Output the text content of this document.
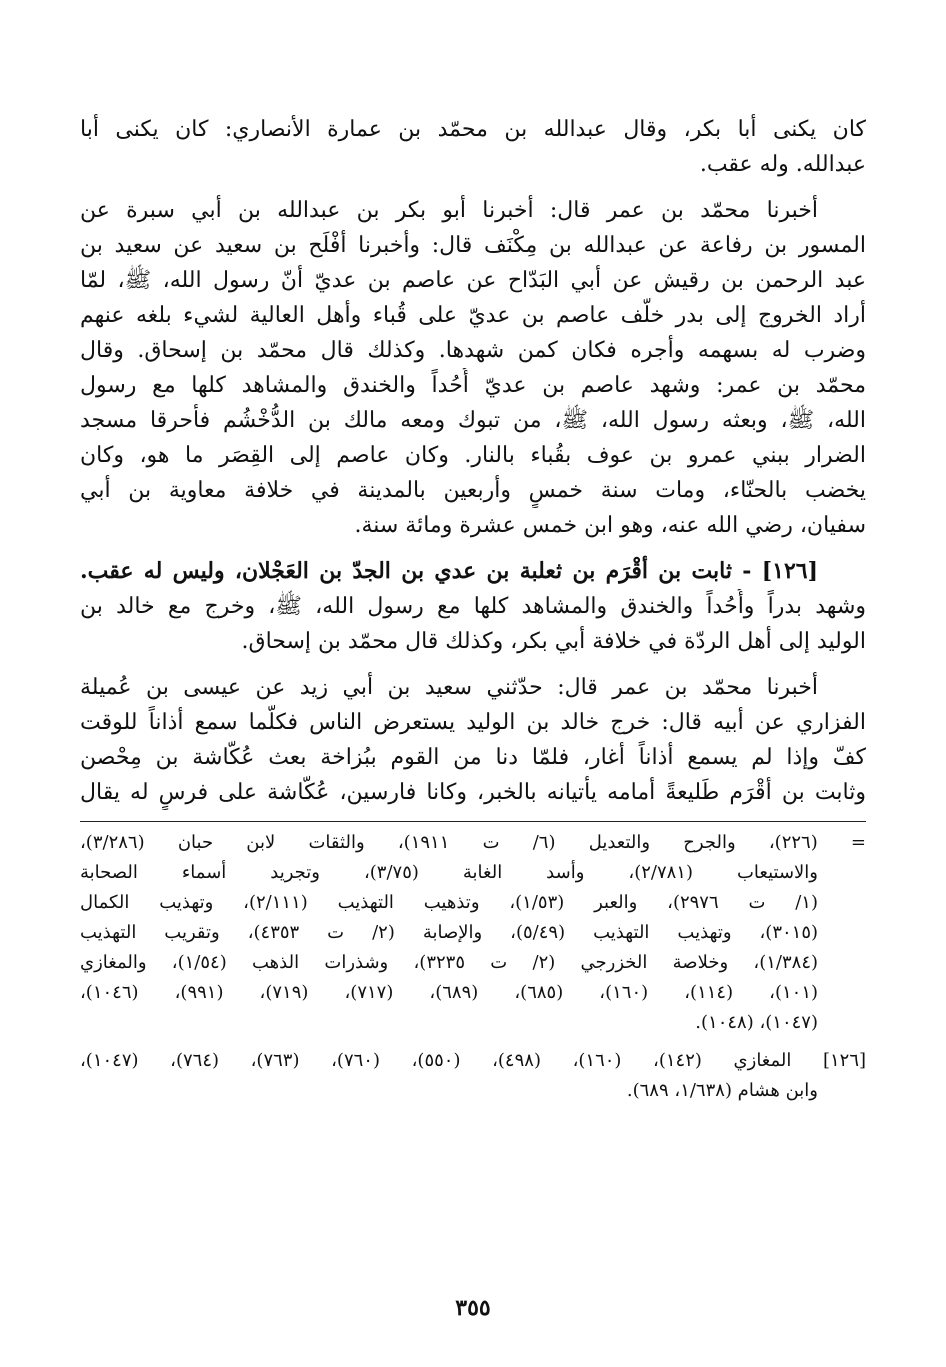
كان يكنى أبا بكر، وقال عبدالله بن محمّد بن عمارة الأنصاري: كان يكنى أبا
عبدالله. وله عقب.
أخبرنا محمّد بن عمر قال: أخبرنا أبو بكر بن عبدالله بن أبي سبرة عن
المسور بن رفاعة عن عبدالله بن مِكْنَف قال: وأخبرنا أفْلَح بن سعيد عن سعيد بن
عبد الرحمن بن رقيش عن أبي البَدّاح عن عاصم بن عديّ أنّ رسول الله، ﷺ، لمّا
أراد الخروج إلى بدر خلّف عاصم بن عديّ على قُباء وأهل العالية لشيء بلغه عنهم
وضرب له بسهمه وأجره فكان كمن شهدها. وكذلك قال محمّد بن إسحاق. وقال
محمّد بن عمر: وشهد عاصم بن عديّ أُحُداً والخندق والمشاهد كلها مع رسول
الله، ﷺ، وبعثه رسول الله، ﷺ، من تبوك ومعه مالك بن الدُّخْشُم فأحرقا مسجد
الضرار ببني عمرو بن عوف بقُباء بالنار. وكان عاصم إلى القِصَر ما هو، وكان
يخضب بالحنّاء، ومات سنة خمسٍ وأربعين بالمدينة في خلافة معاوية بن أبي
سفيان، رضي الله عنه، وهو ابن خمس عشرة ومائة سنة.
[١٢٦] - ثابت بن أقْرَم بن ثعلبة بن عدي بن الجدّ بن العَجْلان، وليس له عقب.
وشهد بدراً وأُحُداً والخندق والمشاهد كلها مع رسول الله، ﷺ، وخرج مع خالد بن
الوليد إلى أهل الردّة في خلافة أبي بكر، وكذلك قال محمّد بن إسحاق.
أخبرنا محمّد بن عمر قال: حدّثني سعيد بن أبي زيد عن عيسى بن عُميلة
الفزاري عن أبيه قال: خرج خالد بن الوليد يستعرض الناس فكلّما سمع أذاناً للوقت
كفّ وإذا لم يسمع أذاناً أغار، فلمّا دنا من القوم ببُزاخة بعث عُكّاشة بن مِحْصن
وثابت بن أقْرَم طَليعةً أمامه يأتيانه بالخبر، وكانا فارسين، عُكّاشة على فرسٍ له يقال
= (٢٢٦)، والجرح والتعديل (٦/ ت ١٩١١)، والثقات لابن حبان (٣/٢٨٦)،
والاستيعاب (٢/٧٨١)، وأسد الغابة (٣/٧٥)، وتجريد أسماء الصحابة
(١/ ت ٢٩٧٦)، والعبر (١/٥٣)، وتذهيب التهذيب (٢/١١١)، وتهذيب الكمال
(٣٠١٥)، وتهذيب التهذيب (٥/٤٩)، والإصابة (٢/ ت ٤٣٥٣)، وتقريب التهذيب
(١/٣٨٤)، وخلاصة الخزرجي (٢/ ت ٣٢٣٥)، وشذرات الذهب (١/٥٤)، والمغازي
(١٠١)، (١١٤)، (١٦٠)، (٦٨٥)، (٦٨٩)، (٧١٧)، (٧١٩)، (٩٩١)، (١٠٤٦)،
(١٠٤٧)، (١٠٤٨).
[١٢٦] المغازي (١٤٢)، (١٦٠)، (٤٩٨)، (٥٥٠)، (٧٦٠)، (٧٦٣)، (٧٦٤)، (١٠٤٧)،
وابن هشام (١/٦٣٨، ٦٨٩).
٣٥٥
